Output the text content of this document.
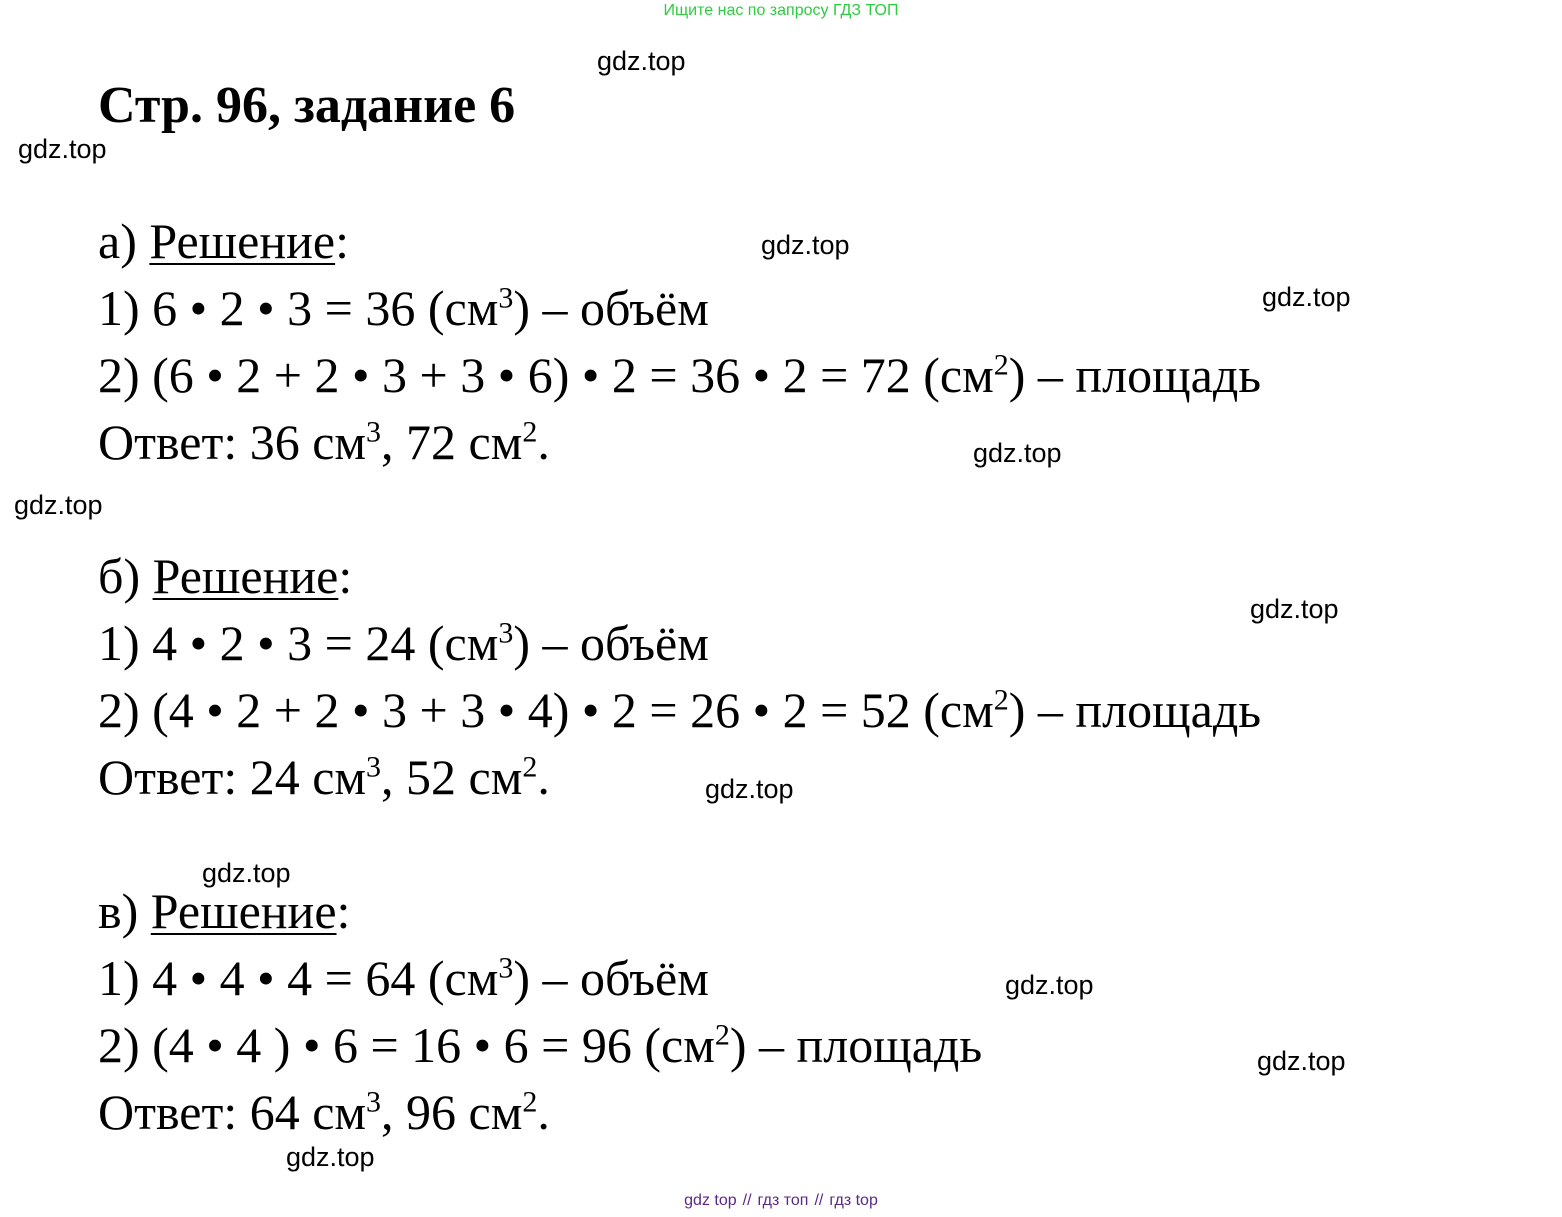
Ищите нас по запросу ГДЗ ТОП
Стр. 96, задание 6
gdz.top
gdz.top
gdz.top
gdz.top
gdz.top
gdz.top
gdz.top
gdz.top
gdz.top
gdz.top
gdz.top
gdz.top
а) Решение:
1) 6 • 2 • 3 = 36 $(см^3)$ – объём
2) (6 • 2 + 2 • 3 + 3 • 6) • 2 = 36 • 2 = 72 $(см^2)$ – площадь
Ответ: 36 $см^3$, 72 $см^2$.
б) Решение:
1) 4 • 2 • 3 = 24 $(см^3)$ – объём
2) (4 • 2 + 2 • 3 + 3 • 4) • 2 = 26 • 2 = 52 $(см^2)$ – площадь
Ответ: 24 $см^3$, 52 $см^2$.
в) Решение:
1) 4 • 4 • 4 = 64 $(см^3)$ – объём
2) (4 • 4 ) • 6 = 16 • 6 = 96 $(см^2)$ – площадь
Ответ: 64 $см^3$, 96 $см^2$.
gdz top // гдз топ // гдз top
